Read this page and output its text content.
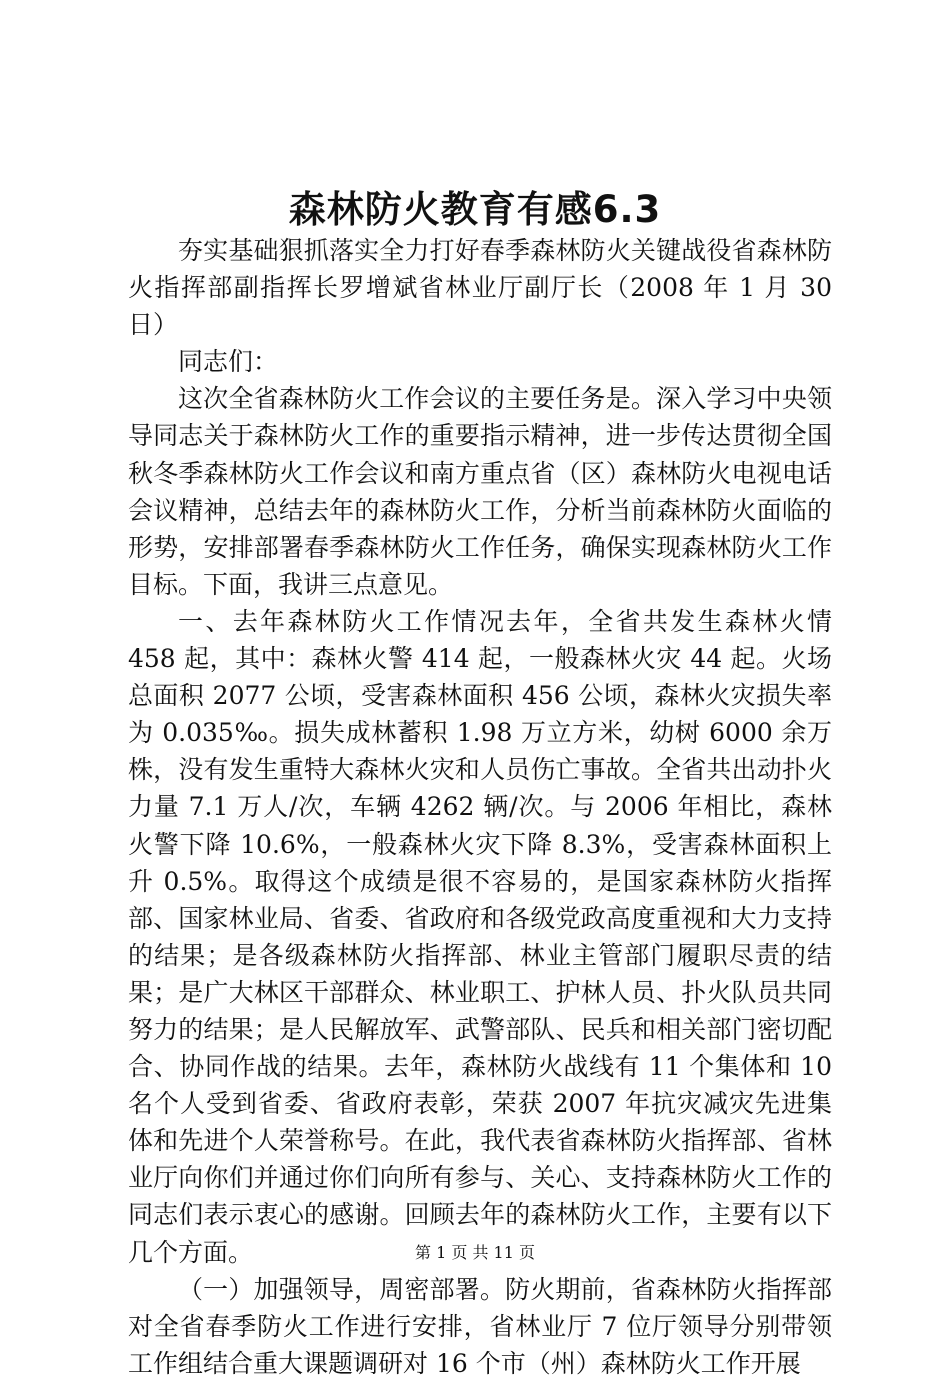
森林防火教育有感6.3

夯实基础狠抓落实全力打好春季森林防火关键战役省森林防火指挥部副指挥长罗增斌省林业厅副厅长（2008 年 1 月 30 日）

同志们：

这次全省森林防火工作会议的主要任务是。深入学习中央领导同志关于森林防火工作的重要指示精神，进一步传达贯彻全国秋冬季森林防火工作会议和南方重点省（区）森林防火电视电话会议精神，总结去年的森林防火工作，分析当前森林防火面临的形势，安排部署春季森林防火工作任务，确保实现森林防火工作目标。下面，我讲三点意见。

一、去年森林防火工作情况去年，全省共发生森林火情 458 起，其中：森林火警 414 起，一般森林火灾 44 起。火场总面积 2077 公顷，受害森林面积 456 公顷，森林火灾损失率为 0.035‰。损失成林蓄积 1.98 万立方米，幼树 6000 余万株，没有发生重特大森林火灾和人员伤亡事故。全省共出动扑火力量 7.1 万人/次，车辆 4262 辆/次。与 2006 年相比，森林火警下降 10.6%，一般森林火灾下降 8.3%，受害森林面积上升 0.5%。取得这个成绩是很不容易的，是国家森林防火指挥部、国家林业局、省委、省政府和各级党政高度重视和大力支持的结果；是各级森林防火指挥部、林业主管部门履职尽责的结果；是广大林区干部群众、林业职工、护林人员、扑火队员共同努力的结果；是人民解放军、武警部队、民兵和相关部门密切配合、协同作战的结果。去年，森林防火战线有 11 个集体和 10 名个人受到省委、省政府表彰，荣获 2007 年抗灾减灾先进集体和先进个人荣誉称号。在此，我代表省森林防火指挥部、省林业厅向你们并通过你们向所有参与、关心、支持森林防火工作的同志们表示衷心的感谢。回顾去年的森林防火工作，主要有以下几个方面。

（一）加强领导，周密部署。防火期前，省森林防火指挥部对全省春季防火工作进行安排，省林业厅 7 位厅领导分别带领工作组结合重大课题调研对 16 个市（州）森林防火工作开展

第 1 页 共 11 页
